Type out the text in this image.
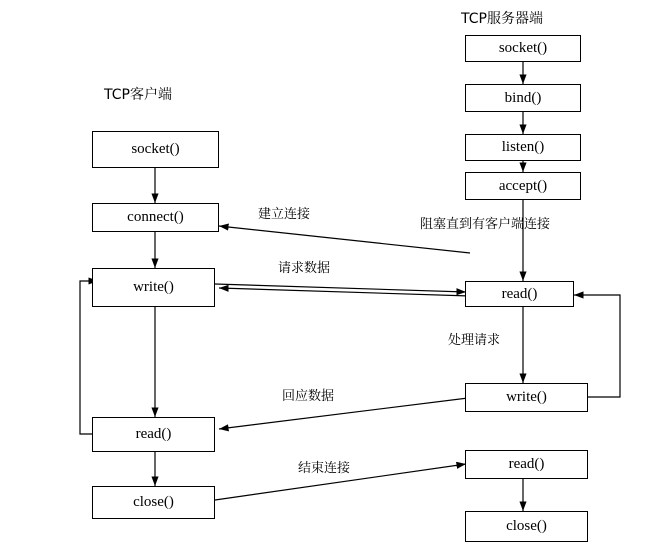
TCP客户端
TCP服务器端
socket()
connect()
write()
read()
close()
socket()
bind()
listen()
accept()
read()
write()
read()
close()
建立连接
阻塞直到有客户端连接
请求数据
处理请求
回应数据
结束连接
